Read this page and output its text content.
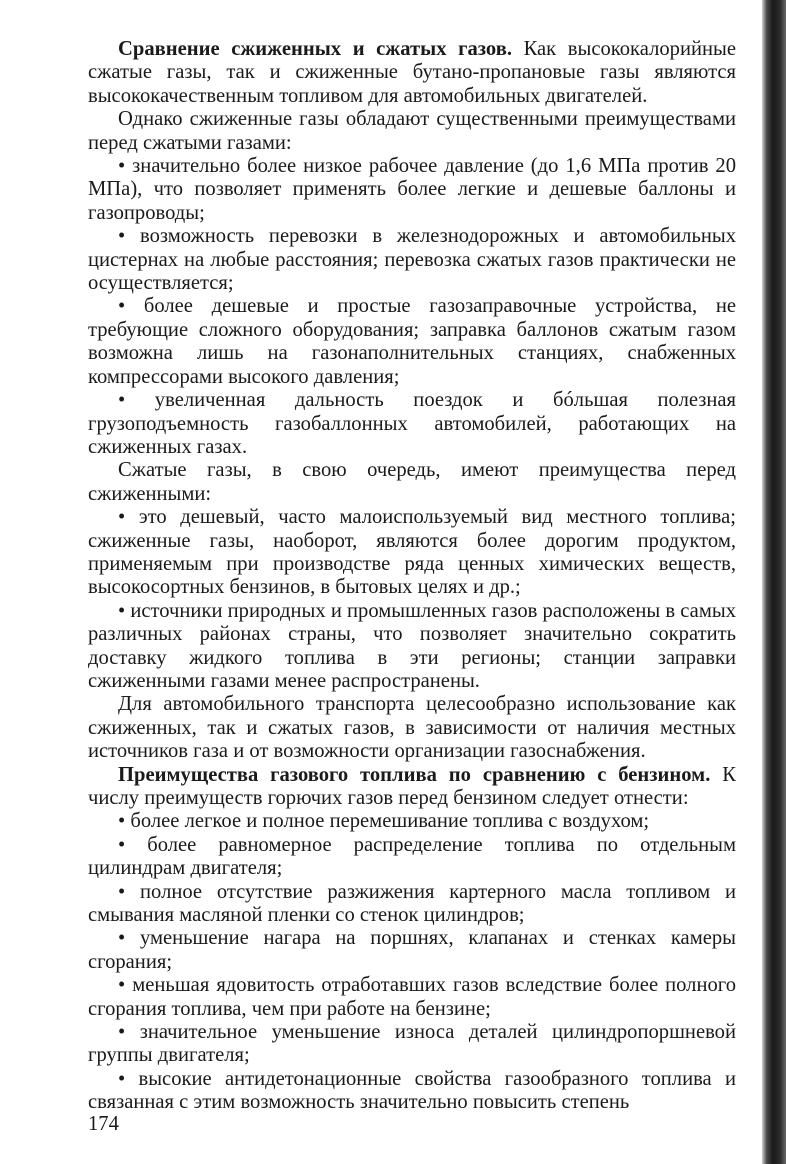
Сравнение сжиженных и сжатых газов. Как высококалорийные сжатые газы, так и сжиженные бутано-пропановые газы являются высококачественным топливом для автомобильных двигателей.

Однако сжиженные газы обладают существенными преимуществами перед сжатыми газами:

• значительно более низкое рабочее давление (до 1,6 МПа против 20 МПа), что позволяет применять более легкие и дешевые баллоны и газопроводы;

• возможность перевозки в железнодорожных и автомобильных цистернах на любые расстояния; перевозка сжатых газов практически не осуществляется;

• более дешевые и простые газозаправочные устройства, не требующие сложного оборудования; заправка баллонов сжатым газом возможна лишь на газонаполнительных станциях, снабженных компрессорами высокого давления;

• увеличенная дальность поездок и бóльшая полезная грузоподъемность газобаллонных автомобилей, работающих на сжиженных газах.

Сжатые газы, в свою очередь, имеют преимущества перед сжиженными:

• это дешевый, часто малоиспользуемый вид местного топлива; сжиженные газы, наоборот, являются более дорогим продуктом, применяемым при производстве ряда ценных химических веществ, высокосортных бензинов, в бытовых целях и др.;

• источники природных и промышленных газов расположены в самых различных районах страны, что позволяет значительно сократить доставку жидкого топлива в эти регионы; станции заправки сжиженными газами менее распространены.

Для автомобильного транспорта целесообразно использование как сжиженных, так и сжатых газов, в зависимости от наличия местных источников газа и от возможности организации газоснабжения.

Преимущества газового топлива по сравнению с бензином. К числу преимуществ горючих газов перед бензином следует отнести:

• более легкое и полное перемешивание топлива с воздухом;

• более равномерное распределение топлива по отдельным цилиндрам двигателя;

• полное отсутствие разжижения картерного масла топливом и смывания масляной пленки со стенок цилиндров;

• уменьшение нагара на поршнях, клапанах и стенках камеры сгорания;

• меньшая ядовитость отработавших газов вследствие более полного сгорания топлива, чем при работе на бензине;

• значительное уменьшение износа деталей цилиндропоршневой группы двигателя;

• высокие антидетонационные свойства газообразного топлива и связанная с этим возможность значительно повысить степень

174
